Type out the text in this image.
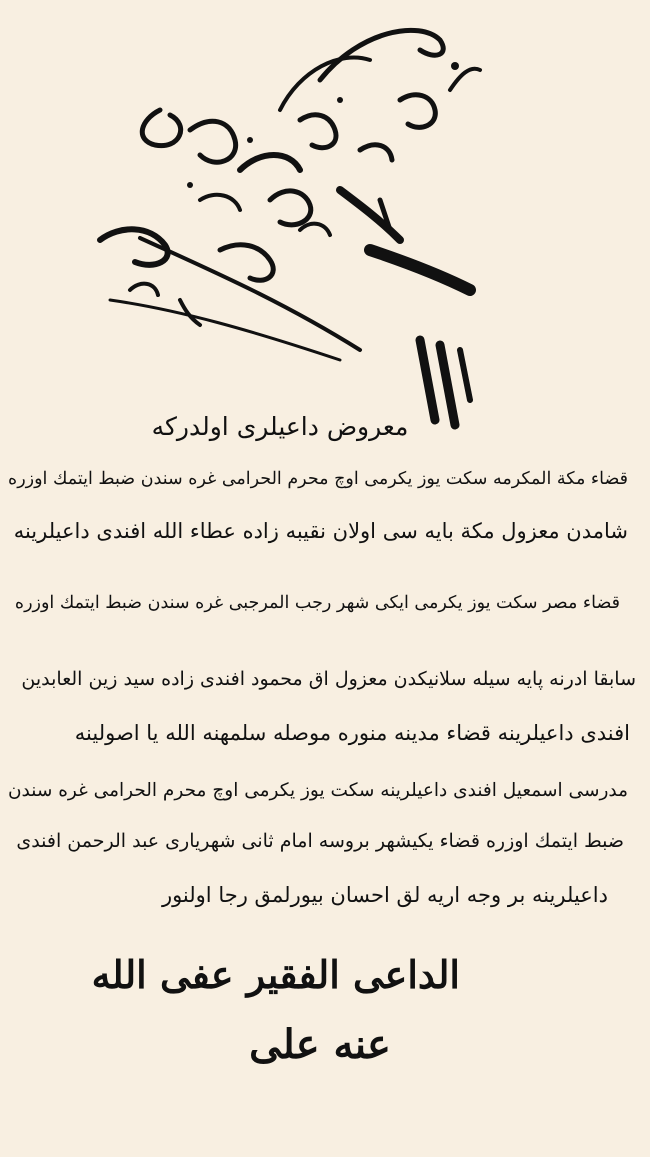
معروض داعيلری اولدركه
قضاء مكة المكرمه سكت یوز یکرمی اوچ محرم الحرامی غره سندن ضبط ايتمك اوزره
شامدن معزول مكة بايه سی اولان نقيبه زاده عطاء الله افندی داعيلرینه
قضاء مصر سكت یوز یکرمی ایکی شهر رجب المرجبی غره سندن ضبط ايتمك اوزره
سابقا ادرنه پایه سیله سلانیکدن معزول اق محمود افندی زاده سید زین العابدین
افندی داعیلرینه قضاء مدینه منوره موصله سلمهنه الله یا اصولینه
مدرسی اسمعیل افندی داعیلرینه سكت یوز یکرمی اوچ محرم الحرامی غره سندن
ضبط ایتمك اوزره قضاء یکیشهر بروسه امام ثانی شهریاری عبد الرحمن افندی
داعیلرینه بر وجه اریه لق احسان بیورلمق رجا اولنور
الداعی الفقیر عفی الله
عنه علی
